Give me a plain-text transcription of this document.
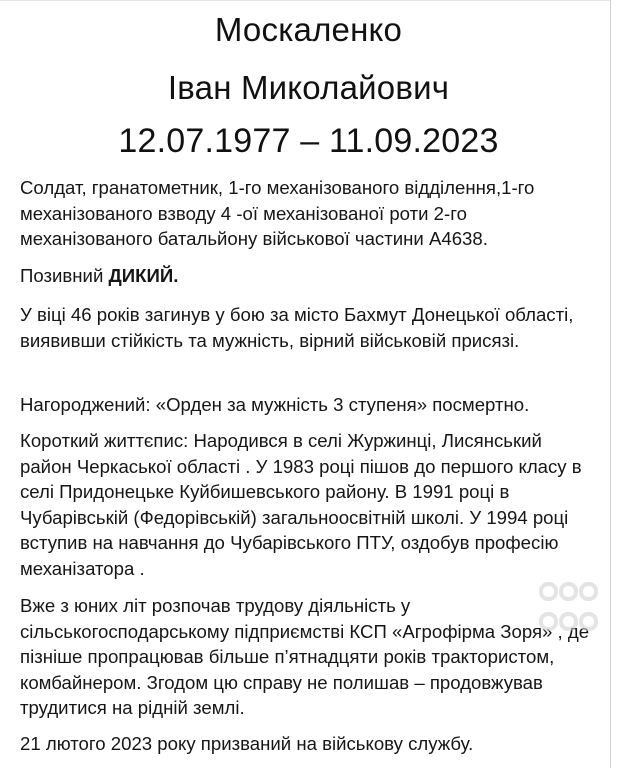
Москаленко
Іван Миколайович
12.07.1977 – 11.09.2023
Солдат, гранатометник, 1-го механізованого відділення,1-го механізованого взводу 4 -ої механізованої роти 2-го механізованого батальйону військової частини А4638.
Позивний ДИКИЙ.
У віці 46 років загинув у бою за місто Бахмут Донецької області, виявивши стійкість та мужність, вірний військовій присязі.
Нагороджений: «Орден за мужність 3 ступеня» посмертно.
Короткий життєпис: Народився в селі Журжинці, Лисянський район Черкаської області . У 1983 році пішов до першого класу в селі Придонецьке Куйбишевського району. В 1991 році в Чубарівській (Федорівській) загальноосвітній школі. У 1994 році вступив на навчання до Чубарівського ПТУ, оздобув професію механізатора .
Вже з юних літ розпочав трудову діяльність у сільськогосподарському підприємстві КСП «Агрофірма Зоря» , де пізніше пропрацював більше п’ятнадцяти років трактористом, комбайнером. Згодом цю справу не полишав – продовжував трудитися на рідній землі.
21 лютого 2023 року призваний на військову службу.
